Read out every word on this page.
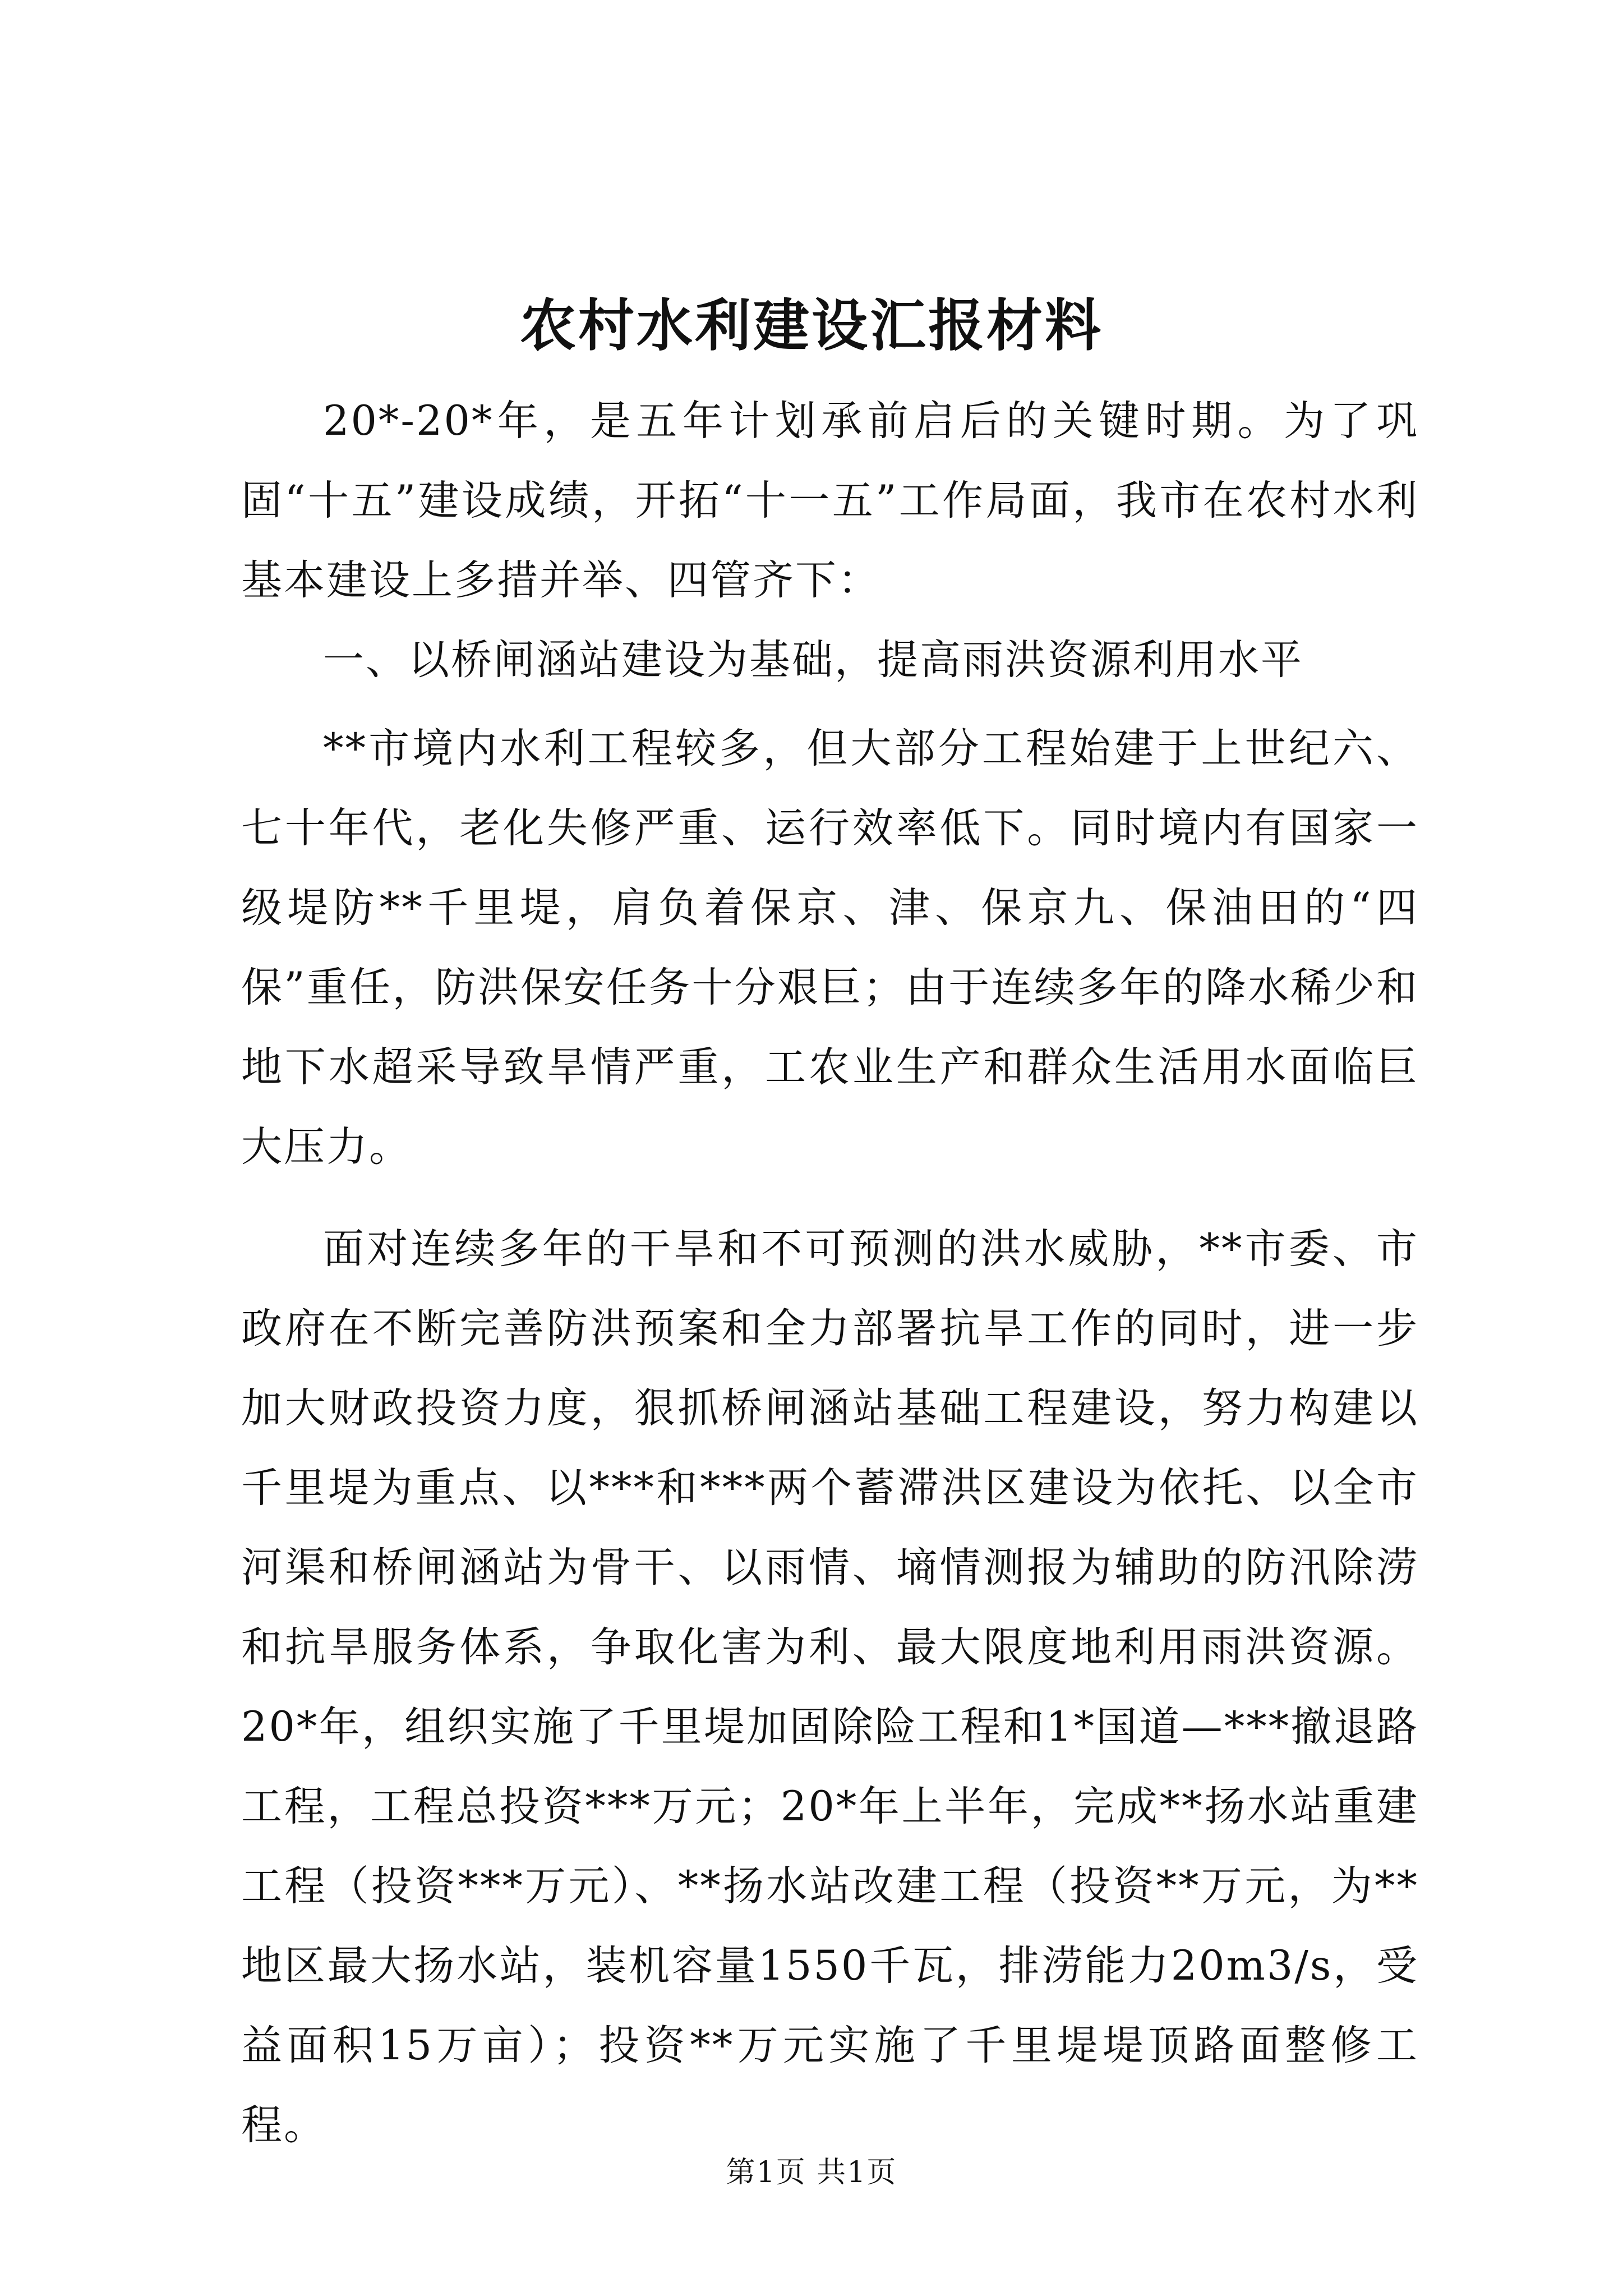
农村水利建设汇报材料

20*-20*年，是五年计划承前启后的关键时期。为了巩固“十五”建设成绩，开拓“十一五”工作局面，我市在农村水利基本建设上多措并举、四管齐下：

一、以桥闸涵站建设为基础，提高雨洪资源利用水平

**市境内水利工程较多，但大部分工程始建于上世纪六、七十年代，老化失修严重、运行效率低下。同时境内有国家一级堤防**千里堤，肩负着保京、津、保京九、保油田的“四保”重任，防洪保安任务十分艰巨；由于连续多年的降水稀少和地下水超采导致旱情严重，工农业生产和群众生活用水面临巨大压力。

面对连续多年的干旱和不可预测的洪水威胁，**市委、市政府在不断完善防洪预案和全力部署抗旱工作的同时，进一步加大财政投资力度，狠抓桥闸涵站基础工程建设，努力构建以千里堤为重点、以***和***两个蓄滞洪区建设为依托、以全市河渠和桥闸涵站为骨干、以雨情、墒情测报为辅助的防汛除涝和抗旱服务体系，争取化害为利、最大限度地利用雨洪资源。20*年，组织实施了千里堤加固除险工程和1*国道—***撤退路工程，工程总投资***万元；20*年上半年，完成**扬水站重建工程（投资***万元）、**扬水站改建工程（投资**万元，为**地区最大扬水站，装机容量1550千瓦，排涝能力20m3/s，受益面积15万亩）；投资**万元实施了千里堤堤顶路面整修工程。

第1页 共1页
